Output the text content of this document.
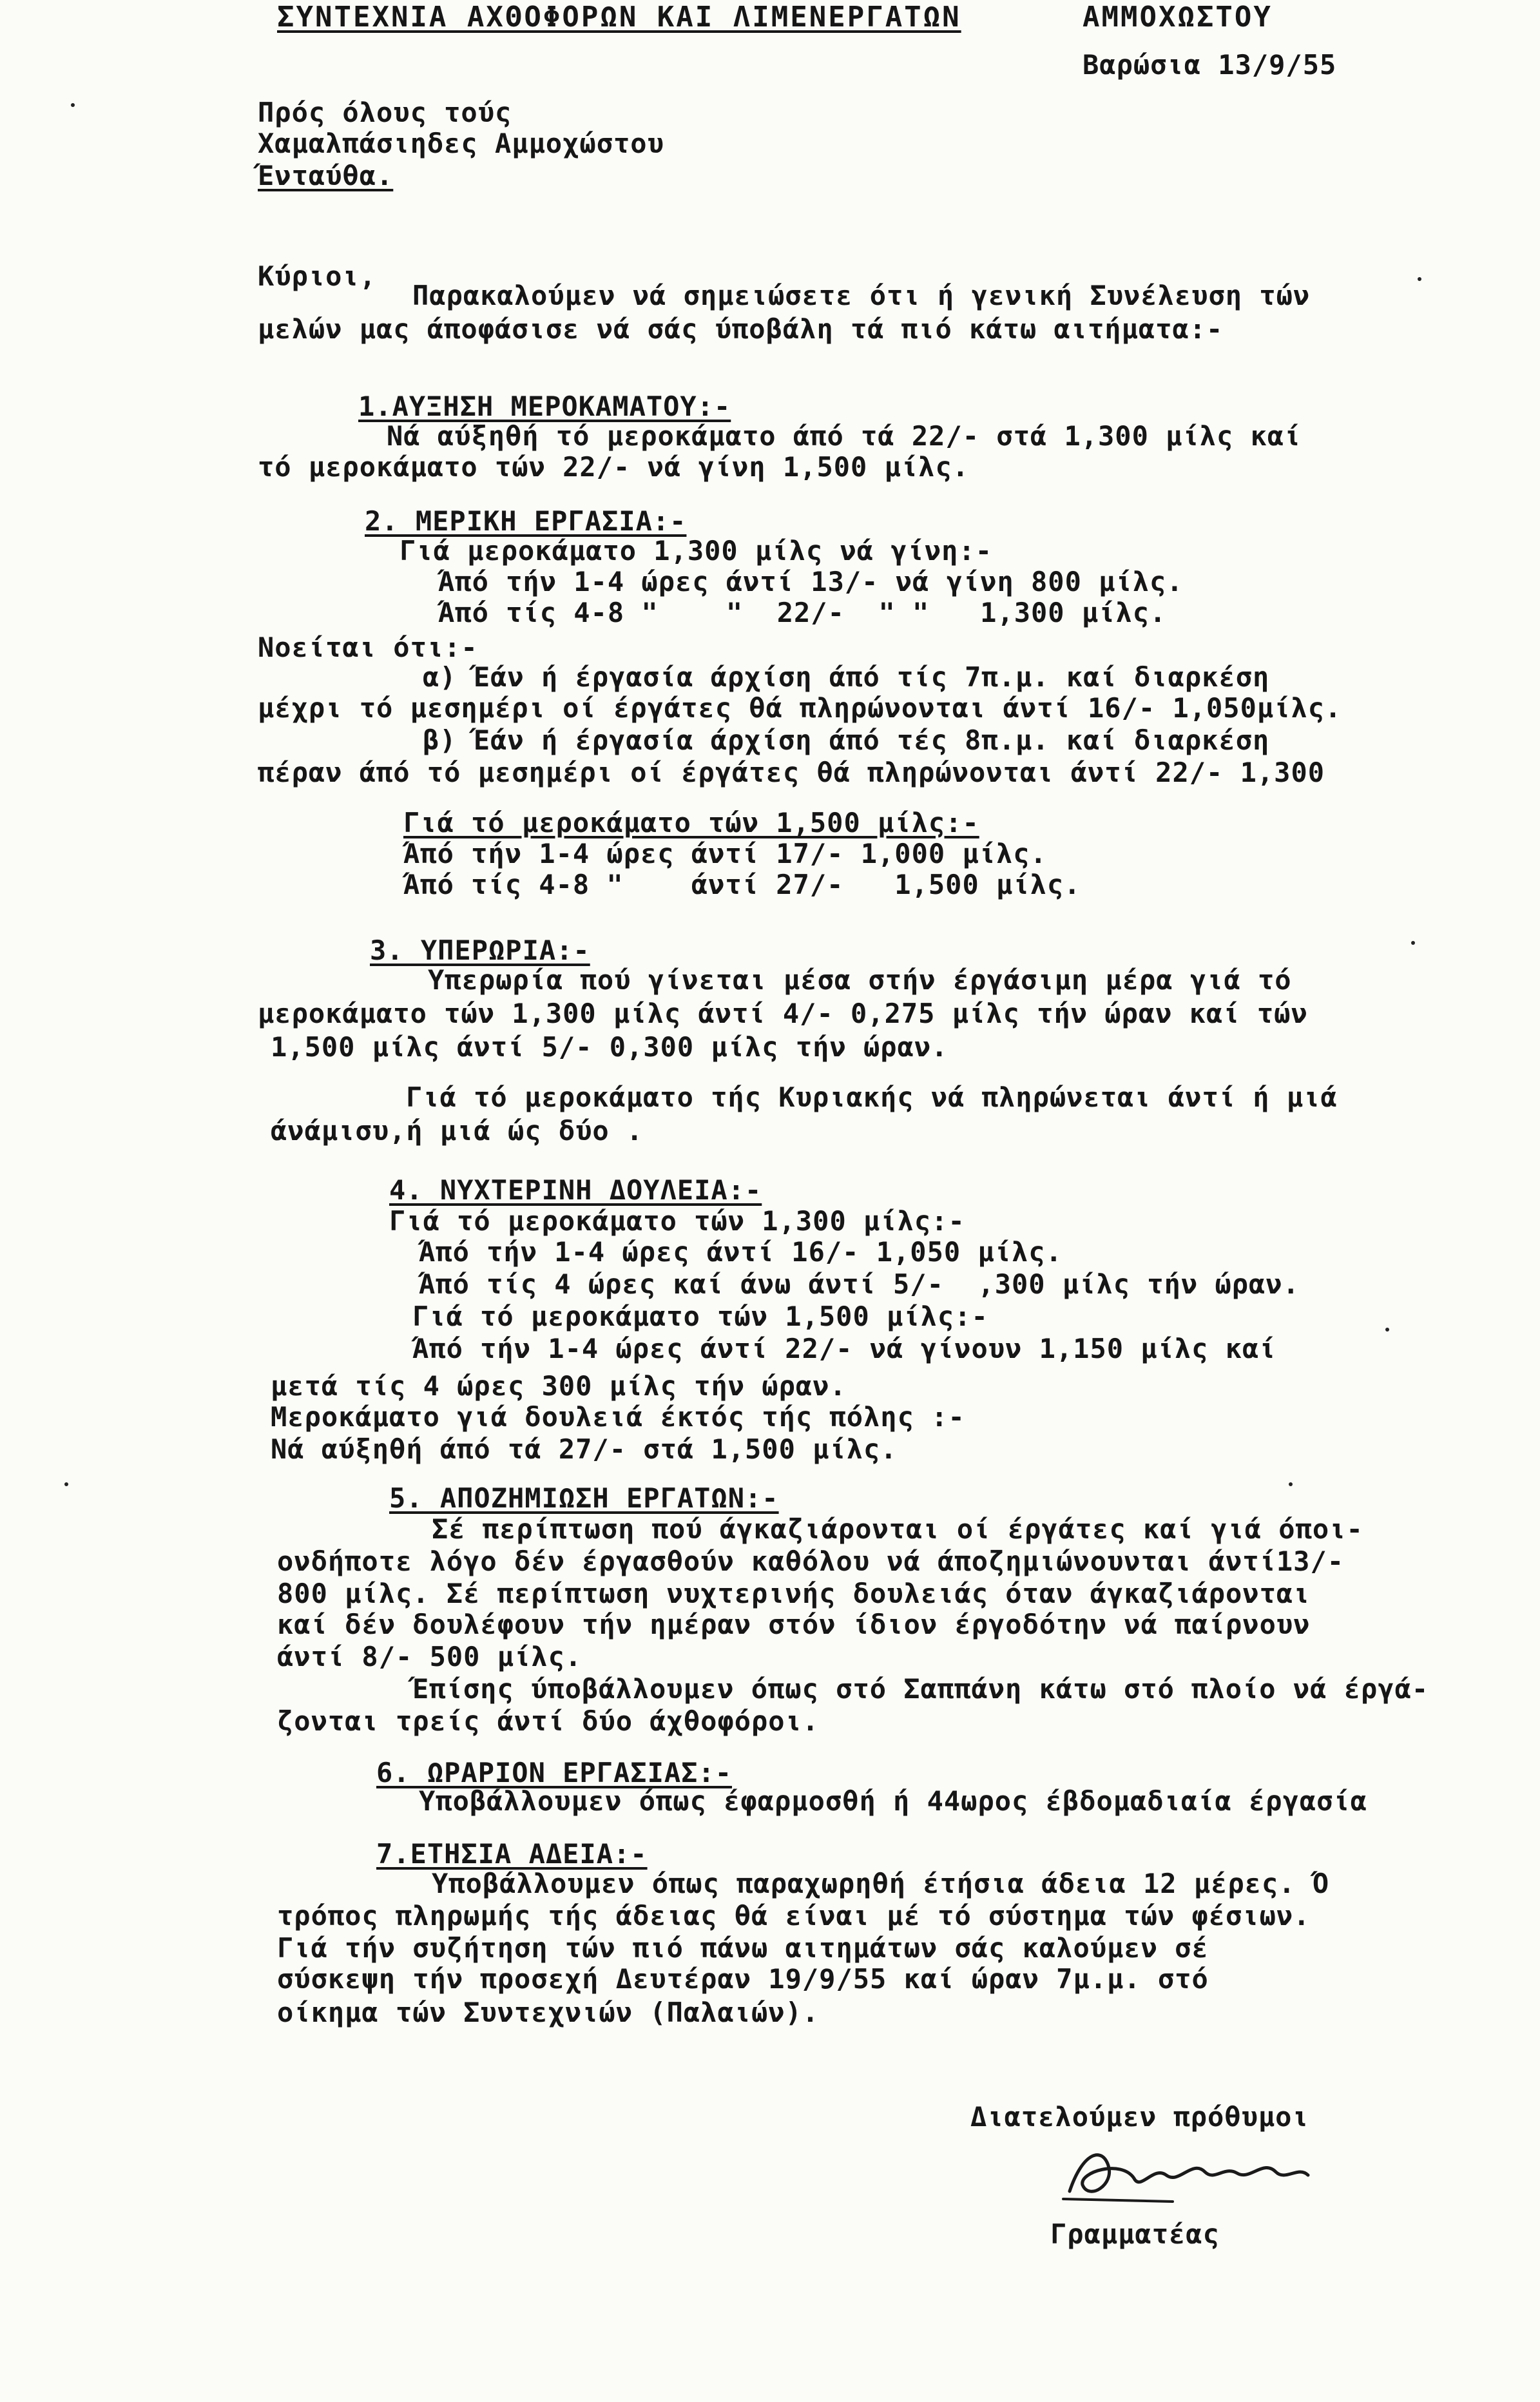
ΣΥΝΤΕΧΝΙΑ ΑΧΘΟΦΟΡΩΝ ΚΑΙ ΛΙΜΕΝΕΡΓΑΤΩΝ	ΑΜΜΟΧΩΣΤΟΥ
Βαρώσια 13/9/55
Πρός όλους τούς
Χαμαλπάσιηδες Αμμοχώστου
Ένταύθα.
Κύριοι,
Παρακαλούμεν νά σημειώσετε ότι ή γενική Συνέλευση τών
μελών μας άποφάσισε νά σάς ύποβάλη τά πιό κάτω αιτήματα:-
1.ΑΥΞΗΣΗ ΜΕΡΟΚΑΜΑΤΟΥ:-
Νά αύξηθή τό μεροκάματο άπό τά 22/- στά 1,300 μίλς καί
τό μεροκάματο τών 22/- νά γίνη 1,500 μίλς.
2. ΜΕΡΙΚΗ ΕΡΓΑΣΙΑ:-
Γιά μεροκάματο 1,300 μίλς νά γίνη:-
Άπό τήν 1-4 ώρες άντί 13/- νά γίνη 800 μίλς.
Άπό τίς 4-8 "    "  22/-  " "   1,300 μίλς.
Νοείται ότι:-
α) Έάν ή έργασία άρχίση άπό τίς 7π.μ. καί διαρκέση
μέχρι τό μεσημέρι οί έργάτες θά πληρώνονται άντί 16/- 1,050μίλς.
β) Έάν ή έργασία άρχίση άπό τές 8π.μ. καί διαρκέση
πέραν άπό τό μεσημέρι οί έργάτες θά πληρώνονται άντί 22/- 1,300
Γιά τό μεροκάματο τών 1,500 μίλς:-
Άπό τήν 1-4 ώρες άντί 17/- 1,000 μίλς.
Άπό τίς 4-8 "    άντί 27/-   1,500 μίλς.
3. ΥΠΕΡΩΡΙΑ:-
Υπερωρία πού γίνεται μέσα στήν έργάσιμη μέρα γιά τό
μεροκάματο τών 1,300 μίλς άντί 4/- 0,275 μίλς τήν ώραν καί τών
1,500 μίλς άντί 5/- 0,300 μίλς τήν ώραν.
Γιά τό μεροκάματο τής Κυριακής νά πληρώνεται άντί ή μιά
άνάμισυ,ή μιά ώς δύο .
4. ΝΥΧΤΕΡΙΝΗ ΔΟΥΛΕΙΑ:-
Γιά τό μεροκάματο τών 1,300 μίλς:-
Άπό τήν 1-4 ώρες άντί 16/- 1,050 μίλς.
Άπό τίς 4 ώρες καί άνω άντί 5/-  ,300 μίλς τήν ώραν.
Γιά τό μεροκάματο τών 1,500 μίλς:-
Άπό τήν 1-4 ώρες άντί 22/- νά γίνουν 1,150 μίλς καί
μετά τίς 4 ώρες 300 μίλς τήν ώραν.
Μεροκάματο γιά δουλειά έκτός τής πόλης :-
Νά αύξηθή άπό τά 27/- στά 1,500 μίλς.
5. ΑΠΟΖΗΜΙΩΣΗ ΕΡΓΑΤΩΝ:-
Σέ περίπτωση πού άγκαζιάρονται οί έργάτες καί γιά όποι-
ονδήποτε λόγο δέν έργασθούν καθόλου νά άποζημιώνουνται άντί13/-
800 μίλς. Σέ περίπτωση νυχτερινής δουλειάς όταν άγκαζιάρονται
καί δέν δουλέφουν τήν ημέραν στόν ίδιον έργοδότην νά παίρνουν
άντί 8/- 500 μίλς.
Έπίσης ύποβάλλουμεν όπως στό Σαππάνη κάτω στό πλοίο νά έργά-
ζονται τρείς άντί δύο άχθοφόροι.
6. ΩΡΑΡΙΟΝ ΕΡΓΑΣΙΑΣ:-
Υποβάλλουμεν όπως έφαρμοσθή ή 44ωρος έβδομαδιαία έργασία
7.ΕΤΗΣΙΑ ΑΔΕΙΑ:-
Υποβάλλουμεν όπως παραχωρηθή έτήσια άδεια 12 μέρες. Ό
τρόπος πληρωμής τής άδειας θά είναι μέ τό σύστημα τών φέσιων.
Γιά τήν συζήτηση τών πιό πάνω αιτημάτων σάς καλούμεν σέ
σύσκεψη τήν προσεχή Δευτέραν 19/9/55 καί ώραν 7μ.μ. στό
οίκημα τών Συντεχνιών (Παλαιών).
Διατελούμεν πρόθυμοι
Γραμματέας
